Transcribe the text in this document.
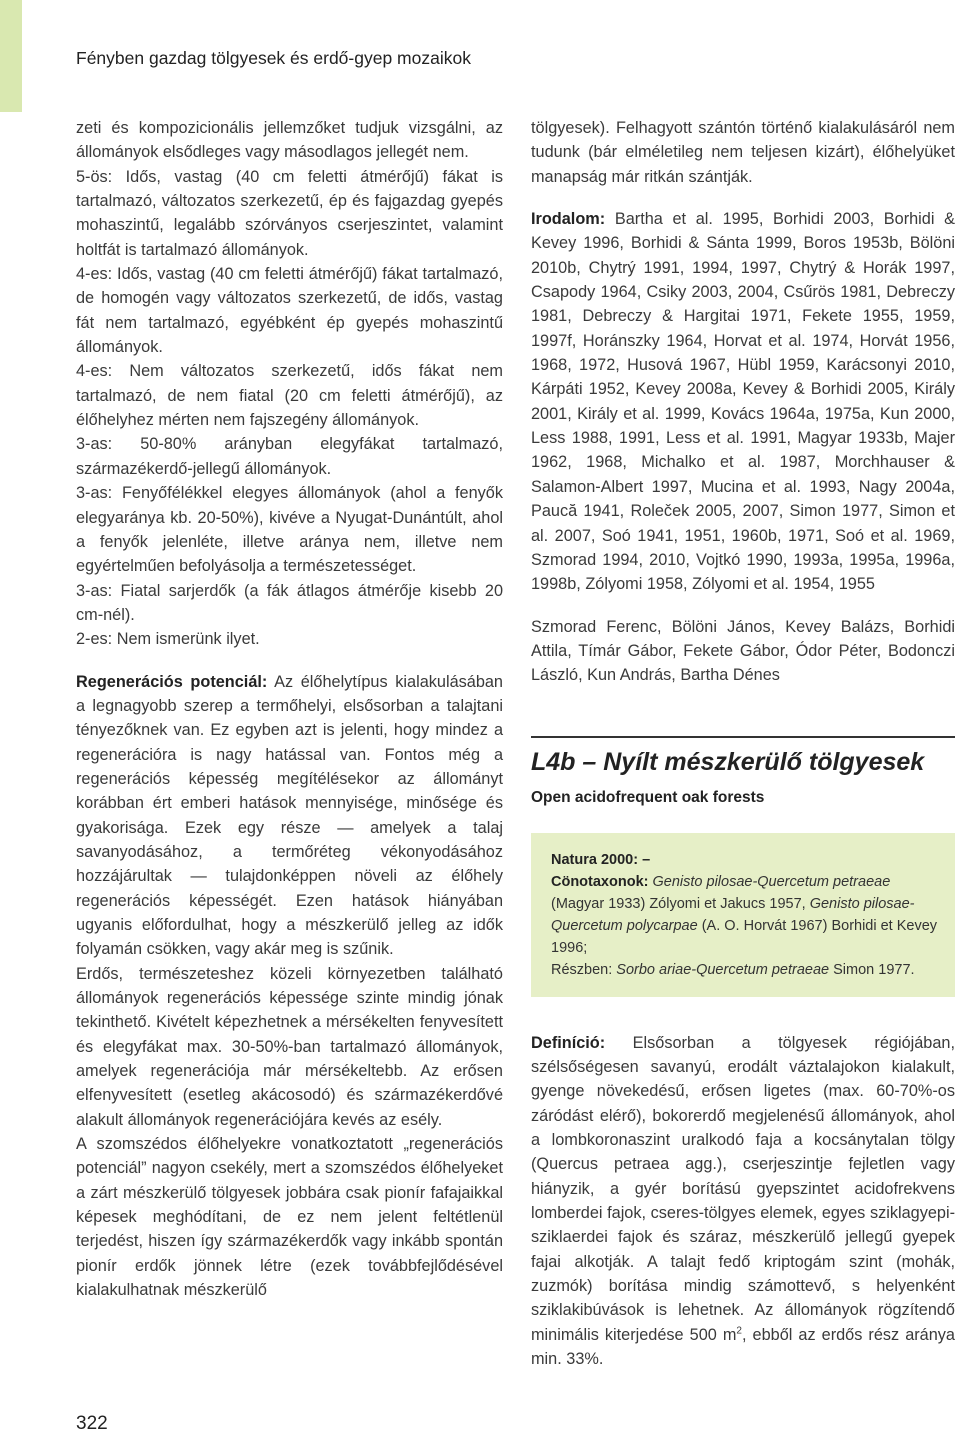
Fényben gazdag tölgyesek és erdő-gyep mozaikok

zeti és kompozicionális jellemzőket tudjuk vizsgálni, az állományok elsődleges vagy másodlagos jellegét nem.

5-ös: Idős, vastag (40 cm feletti átmérőjű) fákat is tartalmazó, változatos szerkezetű, ép és fajgazdag gyepés mohaszintű, legalább szórványos cserjeszintet, valamint holtfát is tartalmazó állományok.

4-es: Idős, vastag (40 cm feletti átmérőjű) fákat tartalmazó, de homogén vagy változatos szerkezetű, de idős, vastag fát nem tartalmazó, egyébként ép gyepés mohaszintű állományok.

4-es: Nem változatos szerkezetű, idős fákat nem tartalmazó, de nem fiatal (20 cm feletti átmérőjű), az élőhelyhez mérten nem fajszegény állományok.

3-as: 50-80% arányban elegyfákat tartalmazó, származékerdő-jellegű állományok.

3-as: Fenyőfélékkel elegyes állományok (ahol a fenyők elegyaránya kb. 20-50%), kivéve a Nyugat-Dunántúlt, ahol a fenyők jelenléte, illetve aránya nem, illetve nem egyértelműen befolyásolja a természetességet.

3-as: Fiatal sarjerdők (a fák átlagos átmérője kisebb 20 cm-nél).

2-es: Nem ismerünk ilyet.

Regenerációs potenciál: Az élőhelytípus kialakulásában a legnagyobb szerep a termőhelyi, elsősorban a talajtani tényezőknek van. Ez egyben azt is jelenti, hogy mindez a regenerációra is nagy hatással van. Fontos még a regenerációs képesség megítélésekor az állományt korábban ért emberi hatások mennyisége, minősége és gyakorisága. Ezek egy része — amelyek a talaj savanyodásához, a termőréteg vékonyodásához hozzájárultak — tulajdonképpen növeli az élőhely regenerációs képességét. Ezen hatások hiányában ugyanis előfordulhat, hogy a mészkerülő jelleg az idők folyamán csökken, vagy akár meg is szűnik.

Erdős, természeteshez közeli környezetben található állományok regenerációs képessége szinte mindig jónak tekinthető. Kivételt képezhetnek a mérsékelten fenyvesített és elegyfákat max. 30-50%-ban tartalmazó állományok, amelyek regenerációja már mérsékeltebb. Az erősen elfenyvesített (esetleg akácosodó) és származékerdővé alakult állományok regenerációjára kevés az esély.

A szomszédos élőhelyekre vonatkoztatott „regenerációs potenciál” nagyon csekély, mert a szomszédos élőhelyeket a zárt mészkerülő tölgyesek jobbára csak pionír fafajaikkal képesek meghódítani, de ez nem jelent feltétlenül terjedést, hiszen így származékerdők vagy inkább spontán pionír erdők jönnek létre (ezek továbbfejlődésével kialakulhatnak mészkerülő

tölgyesek). Felhagyott szántón történő kialakulásáról nem tudunk (bár elméletileg nem teljesen kizárt), élőhelyüket manapság már ritkán szántják.

Irodalom: Bartha et al. 1995, Borhidi 2003, Borhidi & Kevey 1996, Borhidi & Sánta 1999, Boros 1953b, Bölöni 2010b, Chytrý 1991, 1994, 1997, Chytrý & Horák 1997, Csapody 1964, Csiky 2003, 2004, Csűrös 1981, Debreczy 1981, Debreczy & Hargitai 1971, Fekete 1955, 1959, 1997f, Horánszky 1964, Horvat et al. 1974, Horvát 1956, 1968, 1972, Husová 1967, Hübl 1959, Karácsonyi 2010, Kárpáti 1952, Kevey 2008a, Kevey & Borhidi 2005, Király 2001, Király et al. 1999, Kovács 1964a, 1975a, Kun 2000, Less 1988, 1991, Less et al. 1991, Magyar 1933b, Majer 1962, 1968, Michalko et al. 1987, Morchhauser & Salamon-Albert 1997, Mucina et al. 1993, Nagy 2004a, Paucă 1941, Roleček 2005, 2007, Simon 1977, Simon et al. 2007, Soó 1941, 1951, 1960b, 1971, Soó et al. 1969, Szmorad 1994, 2010, Vojtkó 1990, 1993a, 1995a, 1996a, 1998b, Zólyomi 1958, Zólyomi et al. 1954, 1955

Szmorad Ferenc, Bölöni János, Kevey Balázs, Borhidi Attila, Tímár Gábor, Fekete Gábor, Ódor Péter, Bodonczi László, Kun András, Bartha Dénes

L4b – Nyílt mészkerülő tölgyesek

Open acidofrequent oak forests

Natura 2000: –
Cönotaxonok: Genisto pilosae-Quercetum petraeae (Magyar 1933) Zólyomi et Jakucs 1957, Genisto pilosae-Quercetum polycarpae (A. O. Horvát 1967) Borhidi et Kevey 1996;
Részben: Sorbo ariae-Quercetum petraeae Simon 1977.

Definíció: Elsősorban a tölgyesek régiójában, szélsőségesen savanyú, erodált váztalajokon kialakult, gyenge növekedésű, erősen ligetes (max. 60-70%-os záródást elérő), bokorerdő megjelenésű állományok, ahol a lombkoronaszint uralkodó faja a kocsánytalan tölgy (Quercus petraea agg.), cserjeszintje fejletlen vagy hiányzik, a gyér borítású gyepszintet acidofrekvens lomberdei fajok, cseres-tölgyes elemek, egyes sziklagyepi-sziklaerdei fajok és száraz, mészkerülő jellegű gyepek fajai alkotják. A talajt fedő kriptogám szint (mohák, zuzmók) borítása mindig számottevő, s helyenként sziklakibúvások is lehetnek. Az állományok rögzítendő minimális kiterjedése 500 $m^2$, ebből az erdős rész aránya min. 33%.

322
